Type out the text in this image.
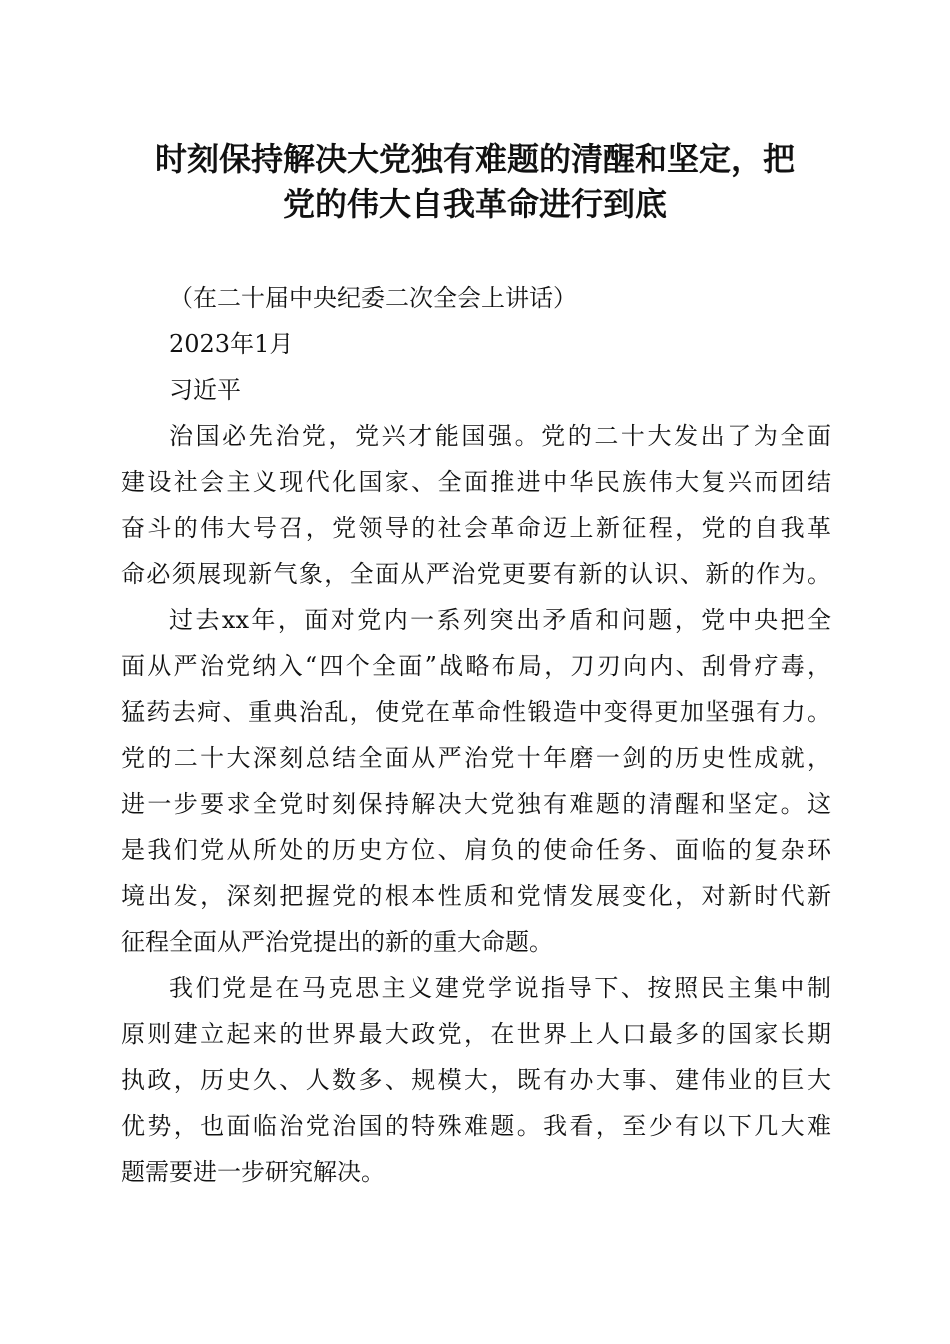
时刻保持解决大党独有难题的清醒和坚定，把
党的伟大自我革命进行到底

（在二十届中央纪委二次全会上讲话）

2023年1月

习近平

治国必先治党，党兴才能国强。党的二十大发出了为全面
建设社会主义现代化国家、全面推进中华民族伟大复兴而团结
奋斗的伟大号召，党领导的社会革命迈上新征程，党的自我革
命必须展现新气象，全面从严治党更要有新的认识、新的作为。

过去xx年，面对党内一系列突出矛盾和问题，党中央把全
面从严治党纳入“四个全面”战略布局，刀刃向内、刮骨疗毒，
猛药去疴、重典治乱，使党在革命性锻造中变得更加坚强有力。
党的二十大深刻总结全面从严治党十年磨一剑的历史性成就，
进一步要求全党时刻保持解决大党独有难题的清醒和坚定。这
是我们党从所处的历史方位、肩负的使命任务、面临的复杂环
境出发，深刻把握党的根本性质和党情发展变化，对新时代新
征程全面从严治党提出的新的重大命题。

我们党是在马克思主义建党学说指导下、按照民主集中制
原则建立起来的世界最大政党，在世界上人口最多的国家长期
执政，历史久、人数多、规模大，既有办大事、建伟业的巨大
优势，也面临治党治国的特殊难题。我看，至少有以下几大难
题需要进一步研究解决。
